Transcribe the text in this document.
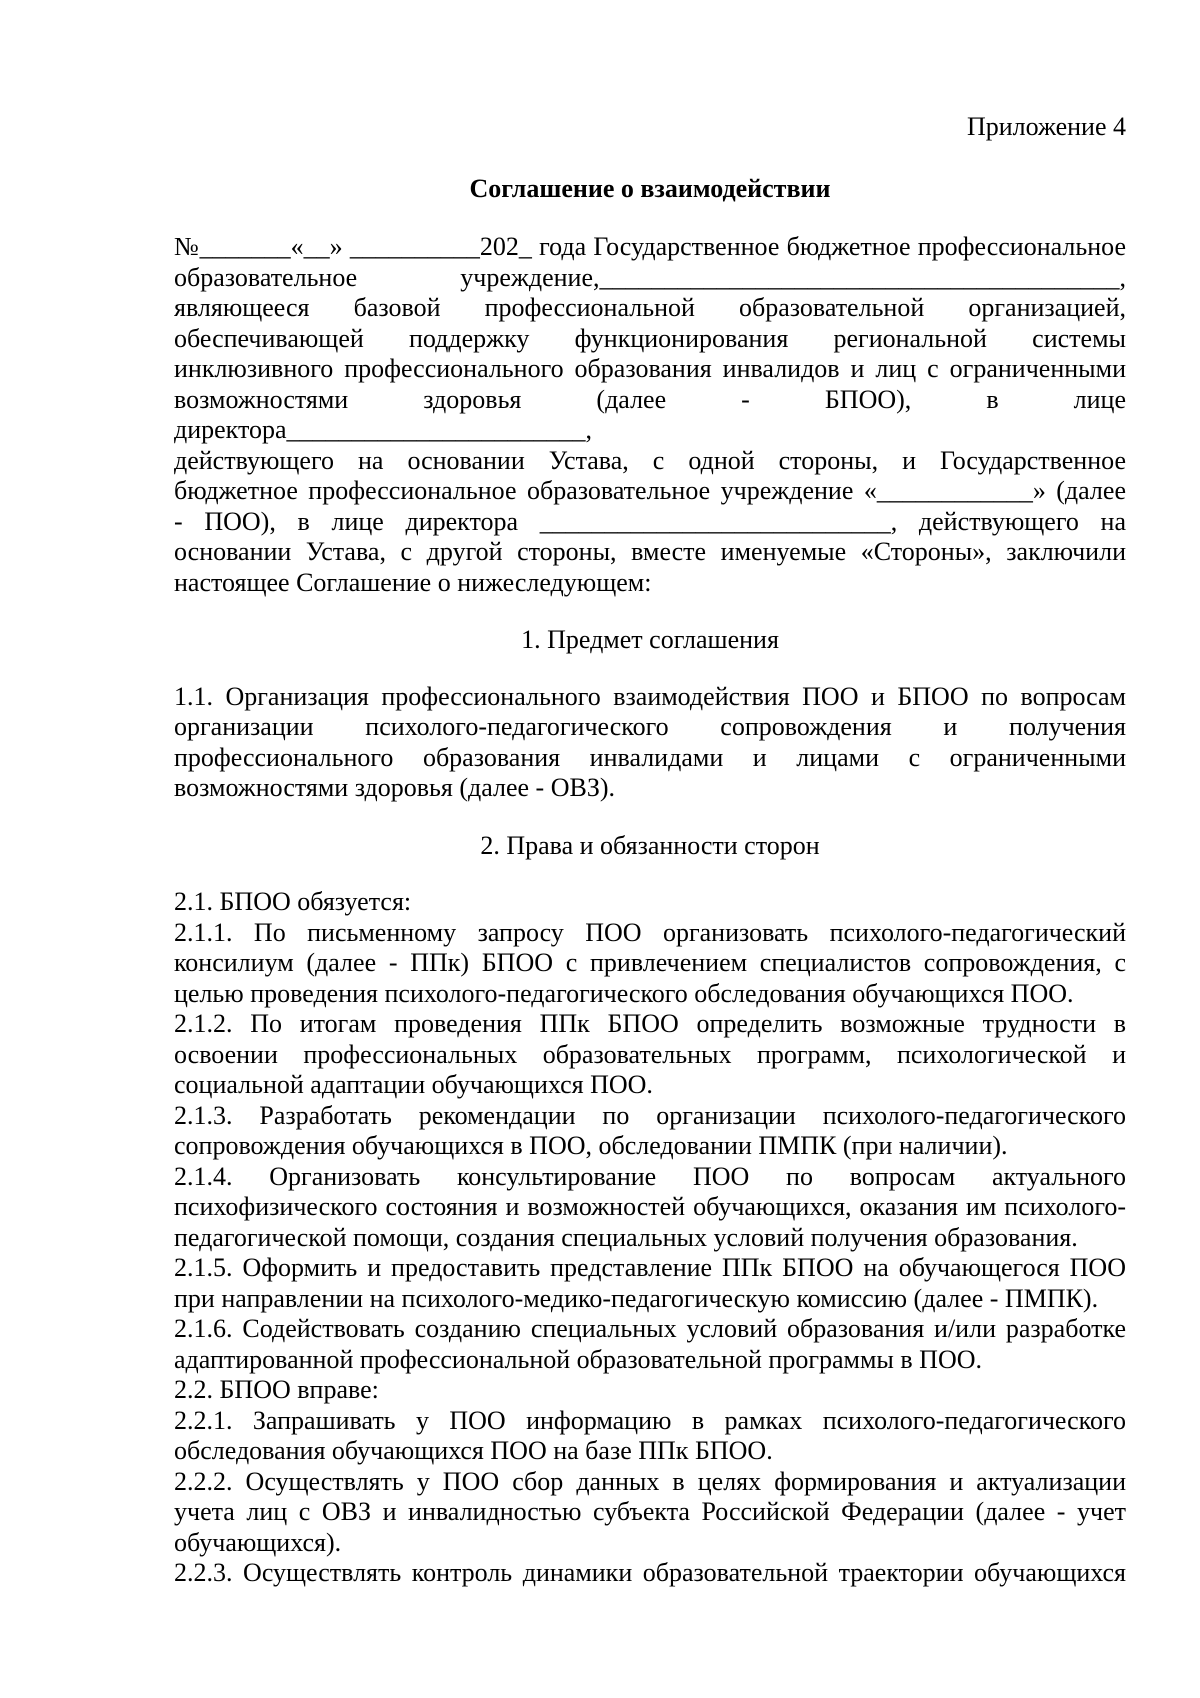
Приложение 4

Соглашение о взаимодействии

№_______«__» __________202_ года Государственное бюджетное профессиональное

образовательное учреждение,________________________________________,

являющееся базовой профессиональной образовательной организацией,

обеспечивающей поддержку функционирования региональной системы

инклюзивного профессионального образования инвалидов и лиц с ограниченными

возможностями здоровья (далее - БПОО), в лице директора_______________________,

действующего на основании Устава, с одной стороны, и Государственное

бюджетное профессиональное образовательное учреждение «____________» (далее

- ПОО), в лице директора ___________________________, действующего на

основании Устава, с другой стороны, вместе именуемые «Стороны», заключили

настоящее Соглашение о нижеследующем:

1. Предмет соглашения

1.1. Организация профессионального взаимодействия ПОО и БПОО по вопросам организации психолого-педагогического сопровождения и получения профессионального образования инвалидами и лицами с ограниченными возможностями здоровья (далее - ОВЗ).

2. Права и обязанности сторон

2.1. БПОО обязуется:

2.1.1. По письменному запросу ПОО организовать психолого-педагогический консилиум (далее - ППк) БПОО с привлечением специалистов сопровождения, с целью проведения психолого-педагогического обследования обучающихся ПОО.

2.1.2. По итогам проведения ППк БПОО определить возможные трудности в освоении профессиональных образовательных программ, психологической и социальной адаптации обучающихся ПОО.

2.1.3. Разработать рекомендации по организации психолого-педагогического сопровождения обучающихся в ПОО, обследовании ПМПК (при наличии).

2.1.4. Организовать консультирование ПОО по вопросам актуального психофизического состояния и возможностей обучающихся, оказания им психолого-педагогической помощи, создания специальных условий получения образования.

2.1.5. Оформить и предоставить представление ППк БПОО на обучающегося ПОО при направлении на психолого-медико-педагогическую комиссию (далее - ПМПК).

2.1.6. Содействовать созданию специальных условий образования и/или разработке адаптированной профессиональной образовательной программы в ПОО.

2.2. БПОО вправе:

2.2.1. Запрашивать у ПОО информацию в рамках психолого-педагогического обследования обучающихся ПОО на базе ППк БПОО.

2.2.2. Осуществлять у ПОО сбор данных в целях формирования и актуализации учета лиц с ОВЗ и инвалидностью субъекта Российской Федерации (далее - учет обучающихся).

2.2.3. Осуществлять контроль динамики образовательной траектории обучающихся
